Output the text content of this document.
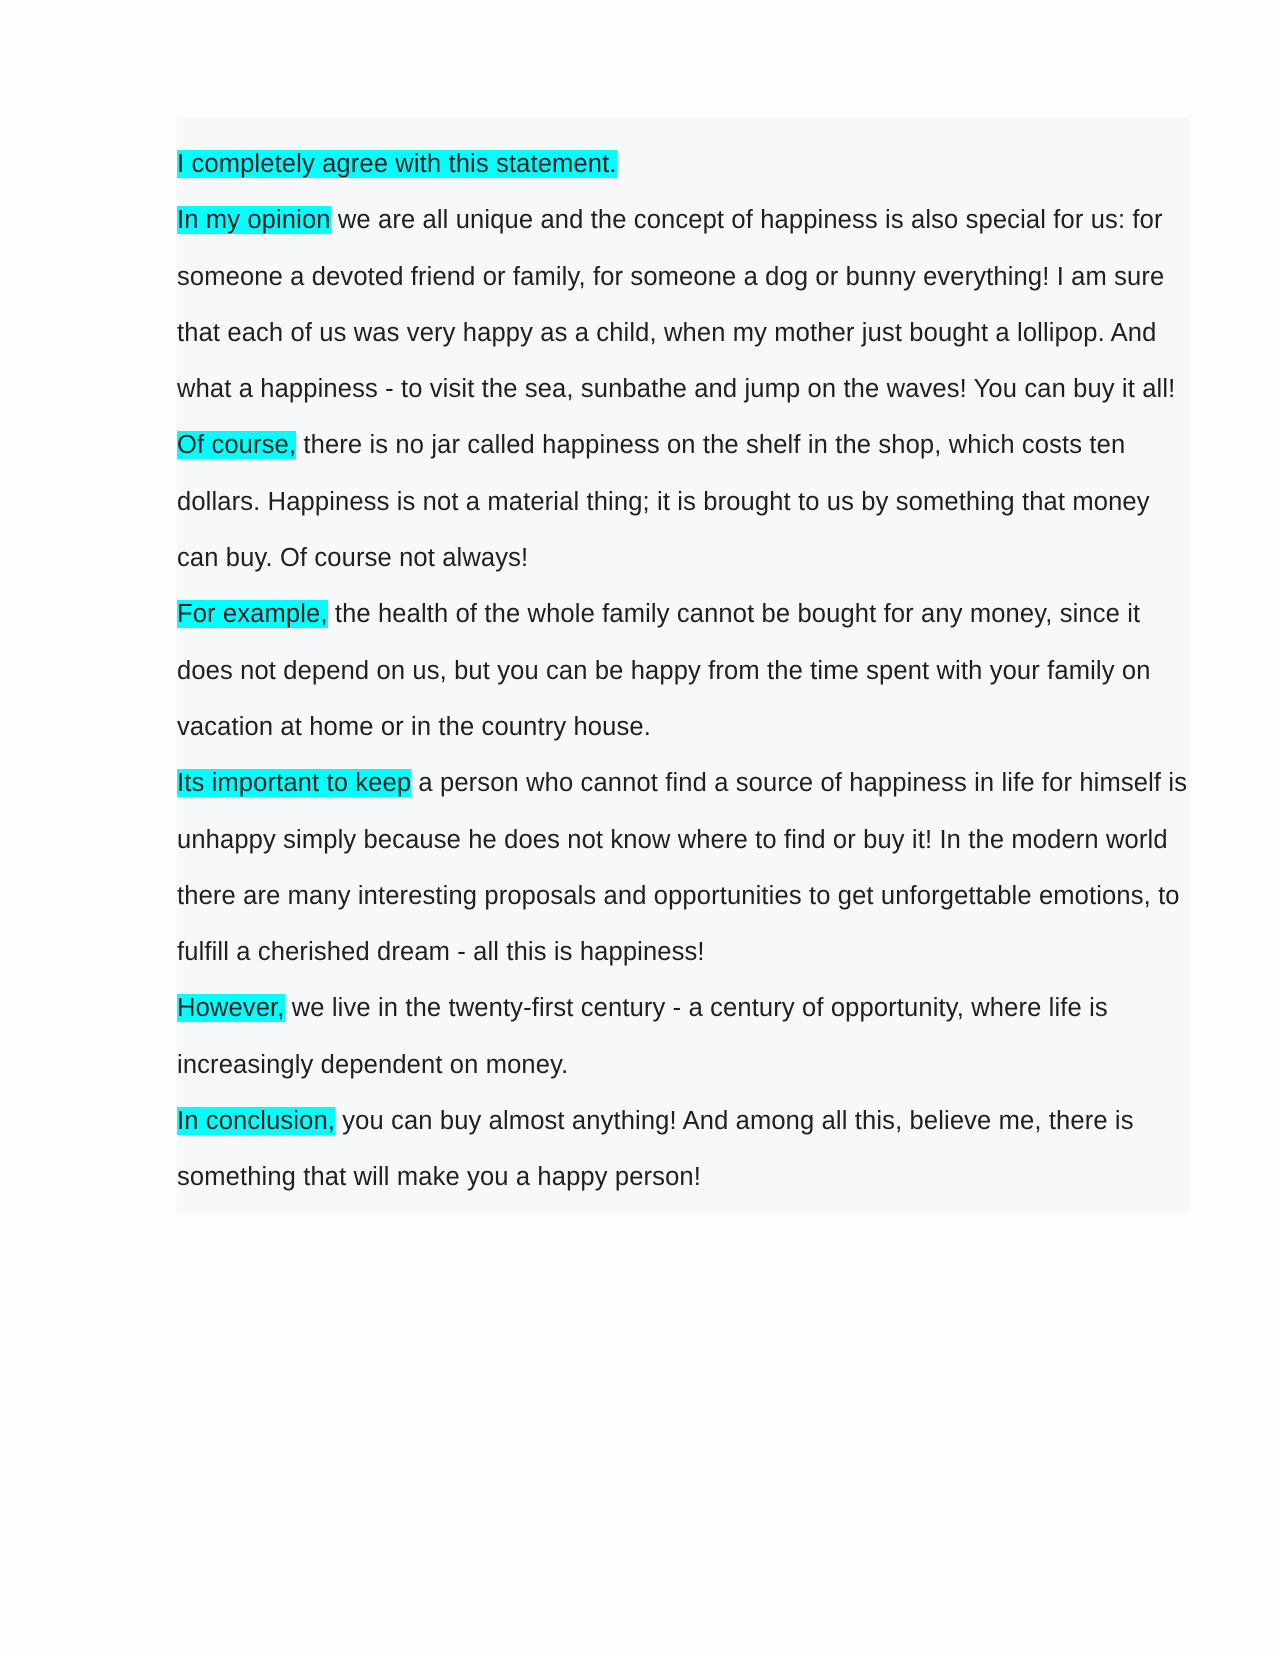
I completely agree with this statement.

In my opinion we are all unique and the concept of happiness is also special for us: for someone a devoted friend or family, for someone a dog or bunny everything! I am sure that each of us was very happy as a child, when my mother just bought a lollipop. And what a happiness - to visit the sea, sunbathe and jump on the waves! You can buy it all!

Of course, there is no jar called happiness on the shelf in the shop, which costs ten dollars. Happiness is not a material thing; it is brought to us by something that money can buy. Of course not always!

For example, the health of the whole family cannot be bought for any money, since it does not depend on us, but you can be happy from the time spent with your family on vacation at home or in the country house.

Its important to keep a person who cannot find a source of happiness in life for himself is unhappy simply because he does not know where to find or buy it! In the modern world there are many interesting proposals and opportunities to get unforgettable emotions, to fulfill a cherished dream - all this is happiness!

However, we live in the twenty-first century - a century of opportunity, where life is increasingly dependent on money.

In conclusion, you can buy almost anything! And among all this, believe me, there is something that will make you a happy person!
